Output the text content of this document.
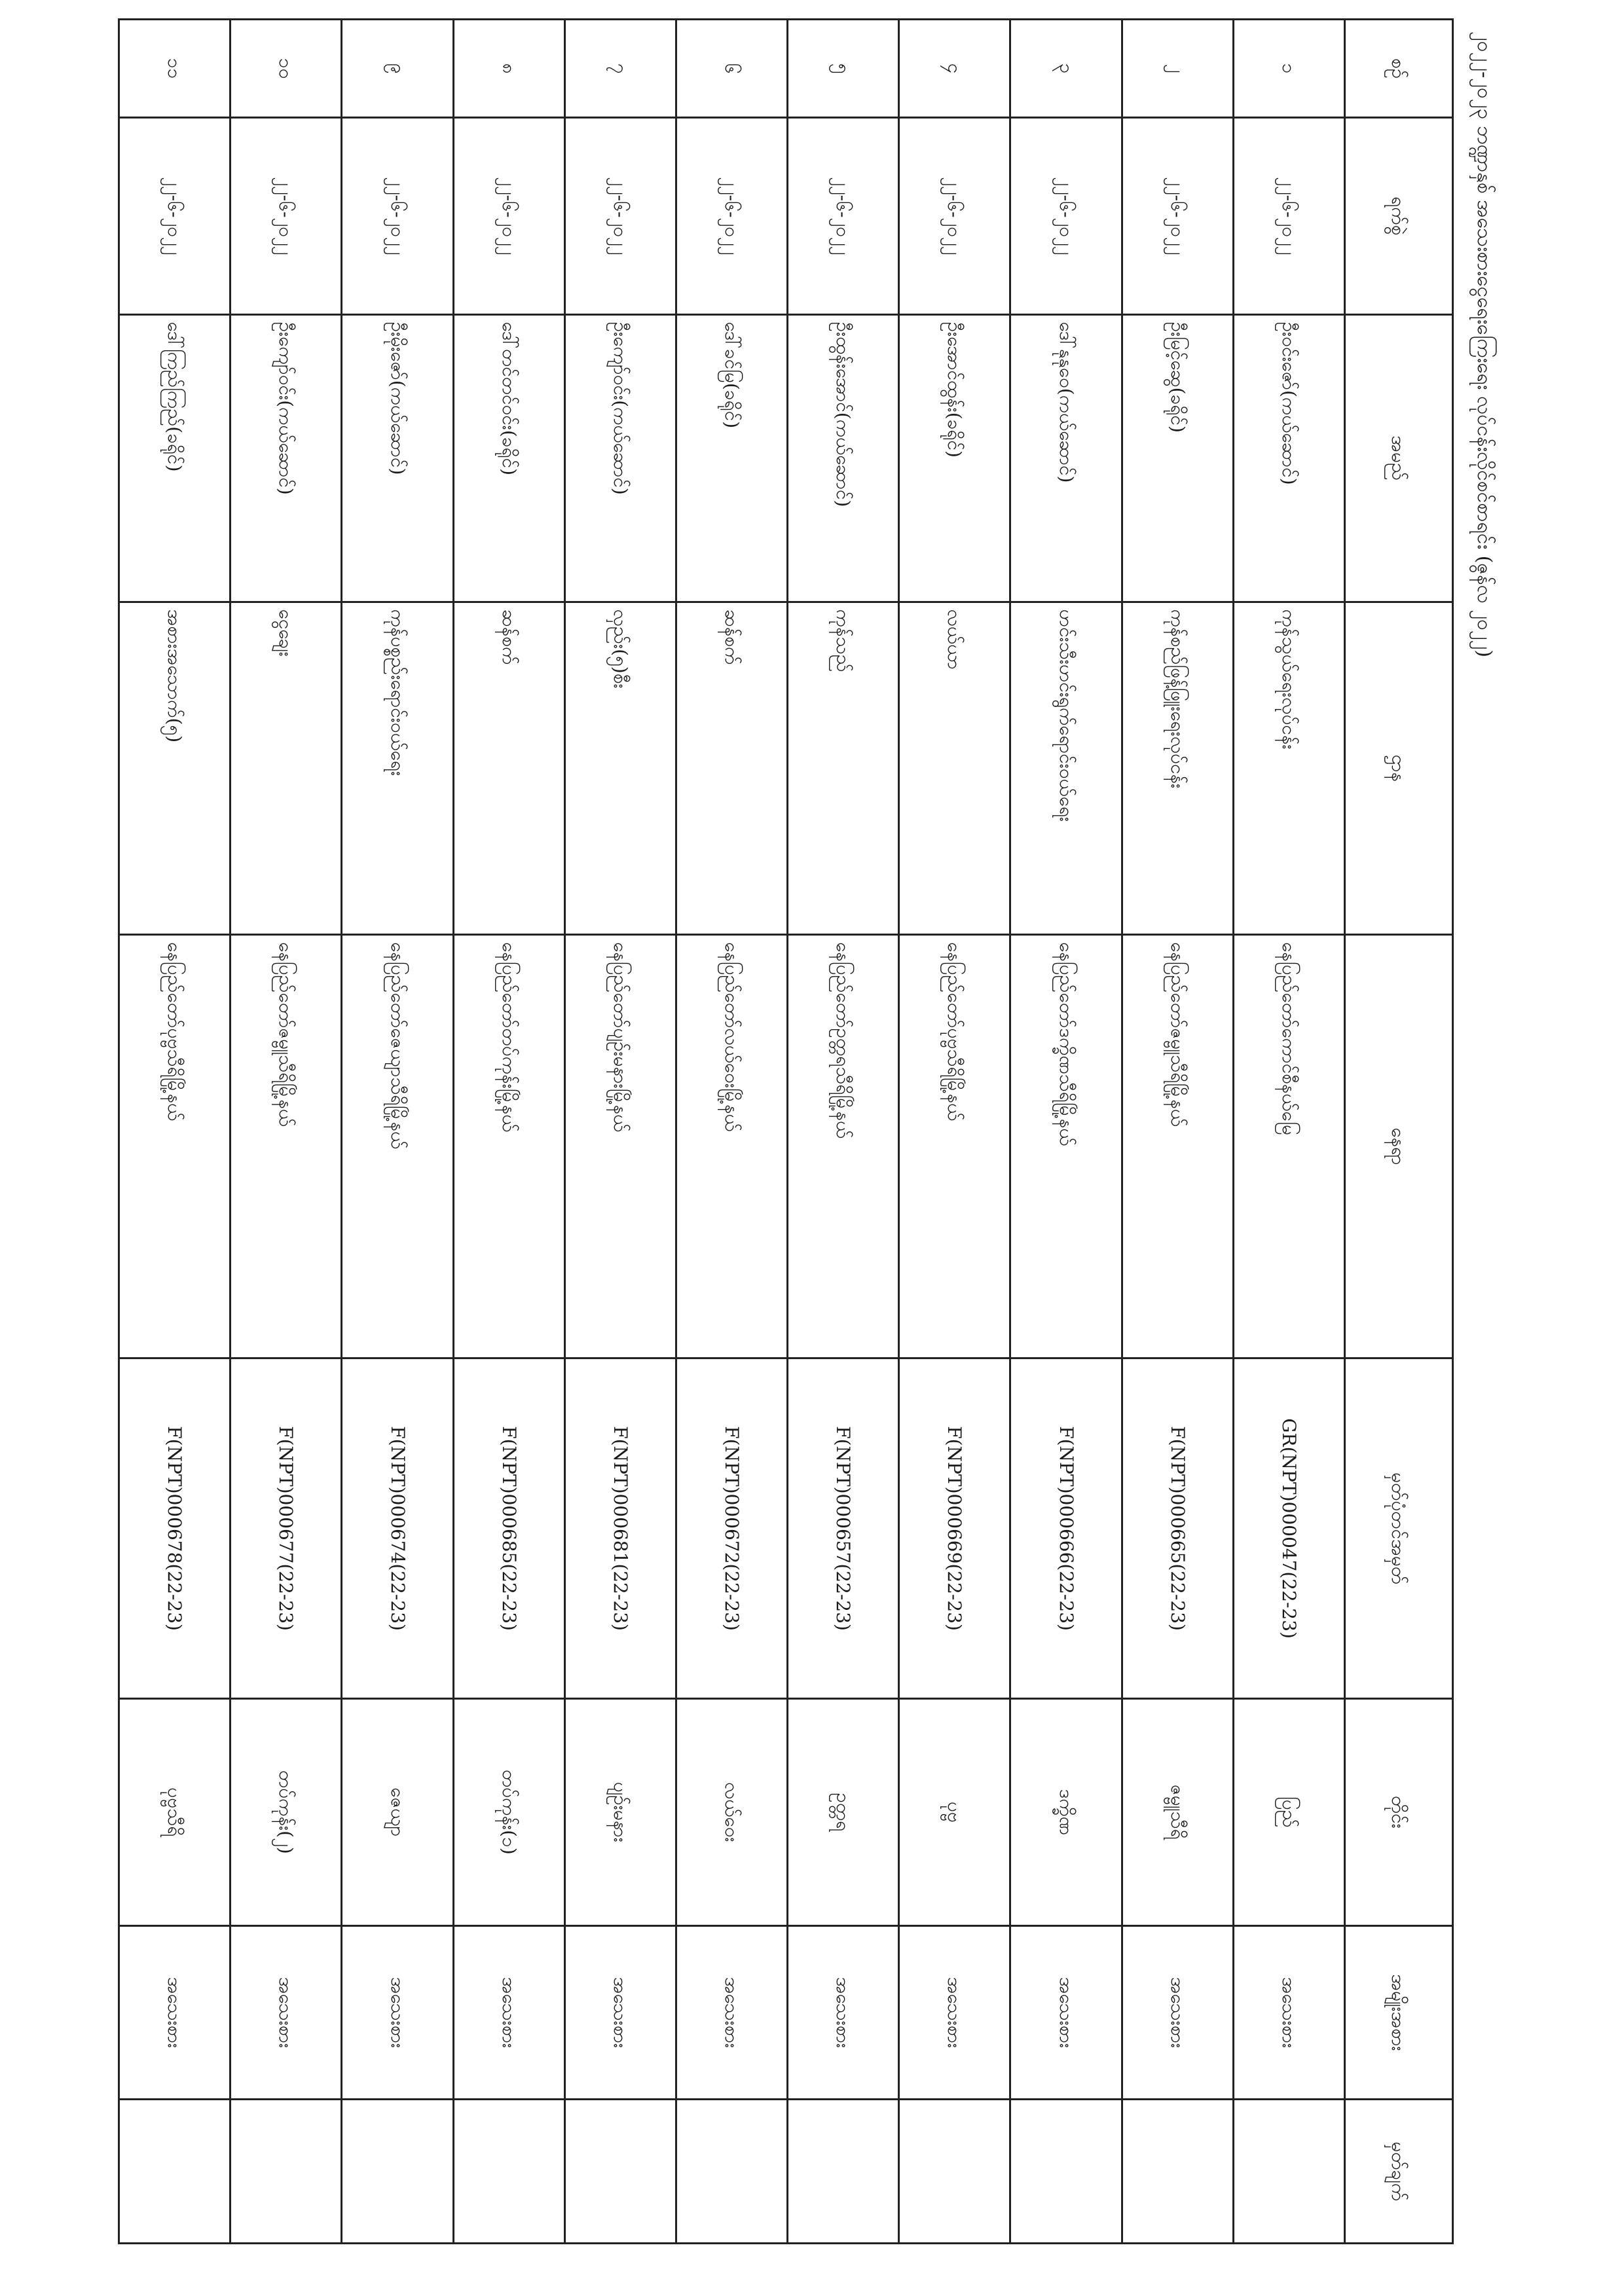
၂၀၂၂-၂၀၂၃ ဘဏ္ဍာနှစ် အသေးစားငွေရေးကြေးရေး လုပ်ငန်းလိုင်စင်စာရင်း (ဇွန်လ ၂၀၂၂)
စဉ်	ရက်စွဲ	အမည်	ဌာန	နေရာ	မှတ်ပုံတင်အမှတ်	တိုင်း	အမျိုးအစား	မှတ်ချက်
၁	၂၂-၆-၂၀၂၂	ဦးဝင်းဇော်(ကယ်ဆောင်)	ကုန်သွယ်ရေးလုပ်ငန်း	နေပြည်တော်ကောင်စီနယ်မြေ	GR(NPT)000047(22-23)	ပြည်	အသေးစား	
၂	၂၂-၆-၂၀၂၂	ဦးမြင့်ဆွေ(ခရိုင်)	ကုန်စည်ဖြန့်ဖြူးရေးလုပ်ငန်း	နေပြည်တော်ဇမ္ဗူသီရိမြို့နယ်	F(NPT)000665(22-23)	ဇမ္ဗူသီရိ	အသေးစား	
၃	၂၂-၆-၂၀၂၂	ဒေါ်နုနုဝေ(ကယ်ဆောင်)	ဟင်းသီးဟင်းရွက်ရောင်းဝယ်ရေး	နေပြည်တော်ဒက္ခိဏသီရိမြို့နယ်	F(NPT)000666(22-23)	ဒက္ခိဏ	အသေးစား	
၄	၂၂-၆-၂၀၂၂	ဦးအောင်ထွန်း(ခရိုင်)	လယ်ယာ	နေပြည်တော်ပုဗ္ဗသီရိမြို့နယ်	F(NPT)000669(22-23)	ပုဗ္ဗ	အသေးစား	
၅	၂၂-၆-၂၀၂၂	ဦးထွန်းအောင်(ကယ်ဆောင်)	ကုန်သည်	နေပြည်တော်ဥတ္တရသီရိမြို့နယ်	F(NPT)000657(22-23)	ဥတ္တရ	အသေးစား	
၆	၂၂-၆-၂၀၂၂	ဒေါ်ခင်မြ(ခရိုင်)	ဆန်စက်	နေပြည်တော်လယ်ဝေးမြို့နယ်	F(NPT)000672(22-23)	လယ်ဝေး	အသေးစား	
၇	၂၂-၆-၂၀၂၂	ဦးကျော်ဝင်း(ကယ်ဆောင်)	လှည်း(၅)စီး	နေပြည်တော်ပျဉ်းမနားမြို့နယ်	F(NPT)000681(22-23)	ပျဉ်းမနား	အသေးစား	
၈	၂၂-၆-၂၀၂၂	ဒေါ်တင်တင်ဝင်း(ခရိုင်)	ဆန်စက်	နေပြည်တော်တပ်ကုန်းမြို့နယ်	F(NPT)000685(22-23)	တပ်ကုန်း(၁)	အသေးစား	
၉	၂၂-၆-၂၀၂၂	ဦးမိုးဇော်(ကယ်ဆောင်)	ကုန်ပစ္စည်းရောင်းဝယ်ရေး	နေပြည်တော်ဇေယျာသီရိမြို့နယ်	F(NPT)000674(22-23)	ဇေယျာ	အသေးစား	
၁၀	၂၂-၆-၂၀၂၂	ဦးကျော်ဝင်း(ကယ်ဆောင်)	ငွေချေး	နေပြည်တော်ဇမ္ဗူသီရိမြို့နယ်	F(NPT)000677(22-23)	တပ်ကုန်း(၂)	အသေးစား	
၁၁	၂၂-၆-၂၀၂၂	ဒေါ်ကြည်ကြည်(ခရိုင်)	အစားအသောက်(၅)	နေပြည်တော်ပုဗ္ဗသီရိမြို့နယ်	F(NPT)000678(22-23)	ပုဗ္ဗသီရိ	အသေးစား	
